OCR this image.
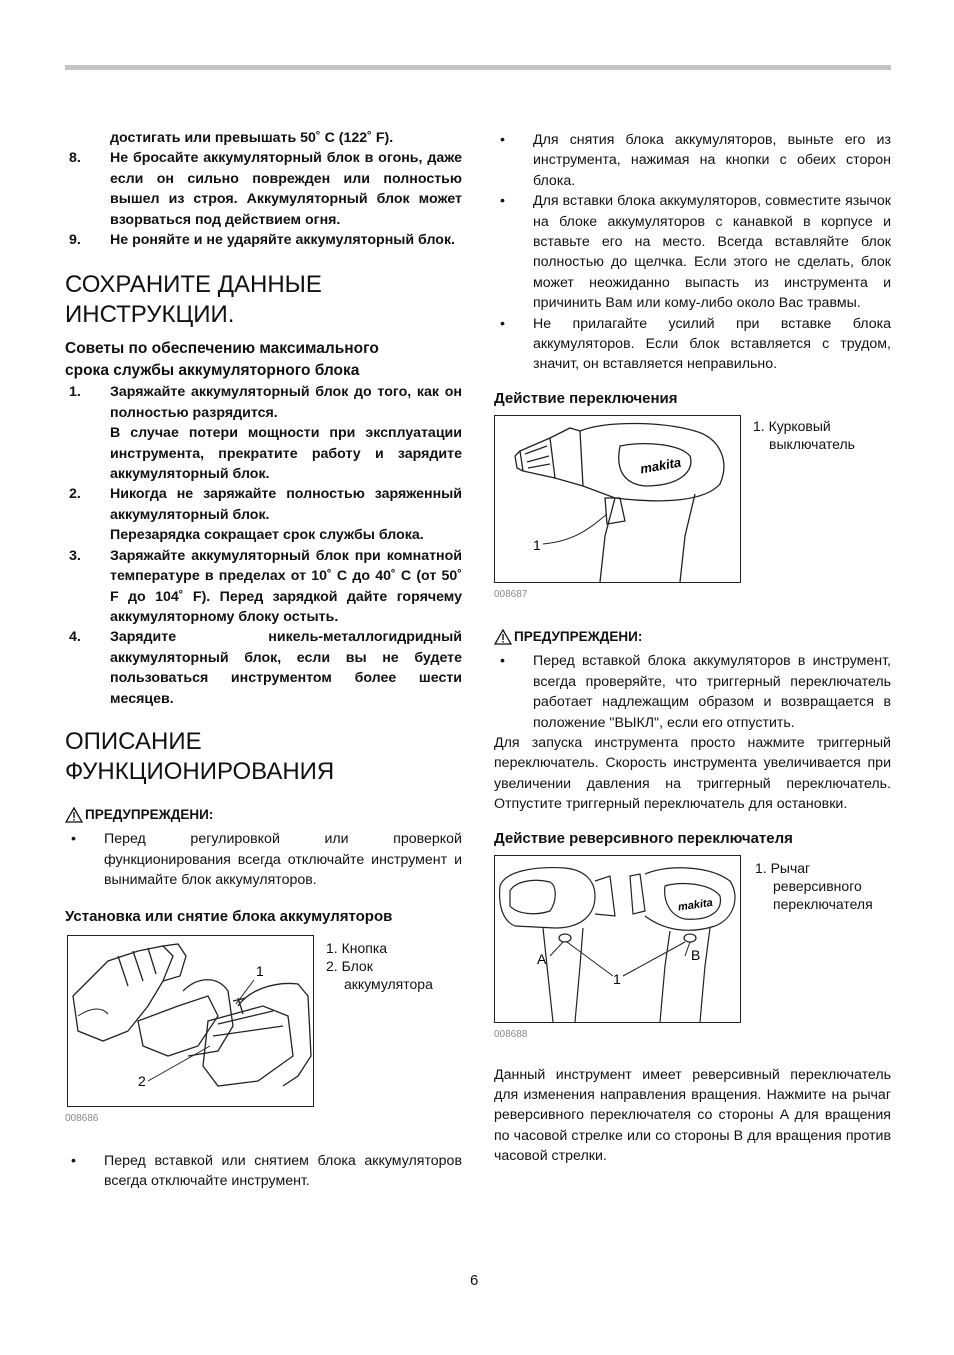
достигать или превышать 50˚ C (122˚ F).
8.	Не бросайте аккумуляторный блок в огонь, даже если он сильно поврежден или полностью вышел из строя. Аккумуляторный блок может взорваться под действием огня.
9.	Не роняйте и не ударяйте аккумуляторный блок.
СОХРАНИТЕ ДАННЫЕ ИНСТРУКЦИИ.
Советы по обеспечению максимального срока службы аккумуляторного блока
1.	Заряжайте аккумуляторный блок до того, как он полностью разрядится.
В случае потери мощности при эксплуатации инструмента, прекратите работу и зарядите аккумуляторный блок.
2.	Никогда не заряжайте полностью заряженный аккумуляторный блок.
Перезарядка сокращает срок службы блока.
3.	Заряжайте аккумуляторный блок при комнатной температуре в пределах от 10˚ C до 40˚ C (от 50˚ F до 104˚ F). Перед зарядкой дайте горячему аккумуляторному блоку остыть.
4.	Зарядите никель-металлогидридный аккумуляторный блок, если вы не будете пользоваться инструментом более шести месяцев.
ОПИСАНИЕ ФУНКЦИОНИРОВАНИЯ
ПРЕДУПРЕЖДЕНИ:
•	Перед регулировкой или проверкой функционирования всегда отключайте инструмент и вынимайте блок аккумуляторов.
Установка или снятие блока аккумуляторов
1
2
008686
1. Кнопка
2. Блок
аккумулятора
•	Перед вставкой или снятием блока аккумуляторов всегда отключайте инструмент.
•	Для снятия блока аккумуляторов, выньте его из инструмента, нажимая на кнопки с обеих сторон блока.
•	Для вставки блока аккумуляторов, совместите язычок на блоке аккумуляторов с канавкой в корпусе и вставьте его на место. Всегда вставляйте блок полностью до щелчка. Если этого не сделать, блок может неожиданно выпасть из инструмента и причинить Вам или кому-либо около Вас травмы.
•	Не прилагайте усилий при вставке блока аккумуляторов. Если блок вставляется с трудом, значит, он вставляется неправильно.
Действие переключения
makita
1
008687
1. Курковый
выключатель
ПРЕДУПРЕЖДЕНИ:
•	Перед вставкой блока аккумуляторов в инструмент, всегда проверяйте, что триггерный переключатель работает надлежащим образом и возвращается в положение "ВЫКЛ", если его отпустить.

Для запуска инструмента просто нажмите триггерный переключатель. Скорость инструмента увеличивается при увеличении давления на триггерный переключатель. Отпустите триггерный переключатель для остановки.

Действие реверсивного переключателя
makita
A	B
1
008688
1. Рычаг
реверсивного
переключателя

Данный инструмент имеет реверсивный переключатель для изменения направления вращения. Нажмите на рычаг реверсивного переключателя со стороны A для вращения по часовой стрелке или со стороны B для вращения против часовой стрелки.

6
